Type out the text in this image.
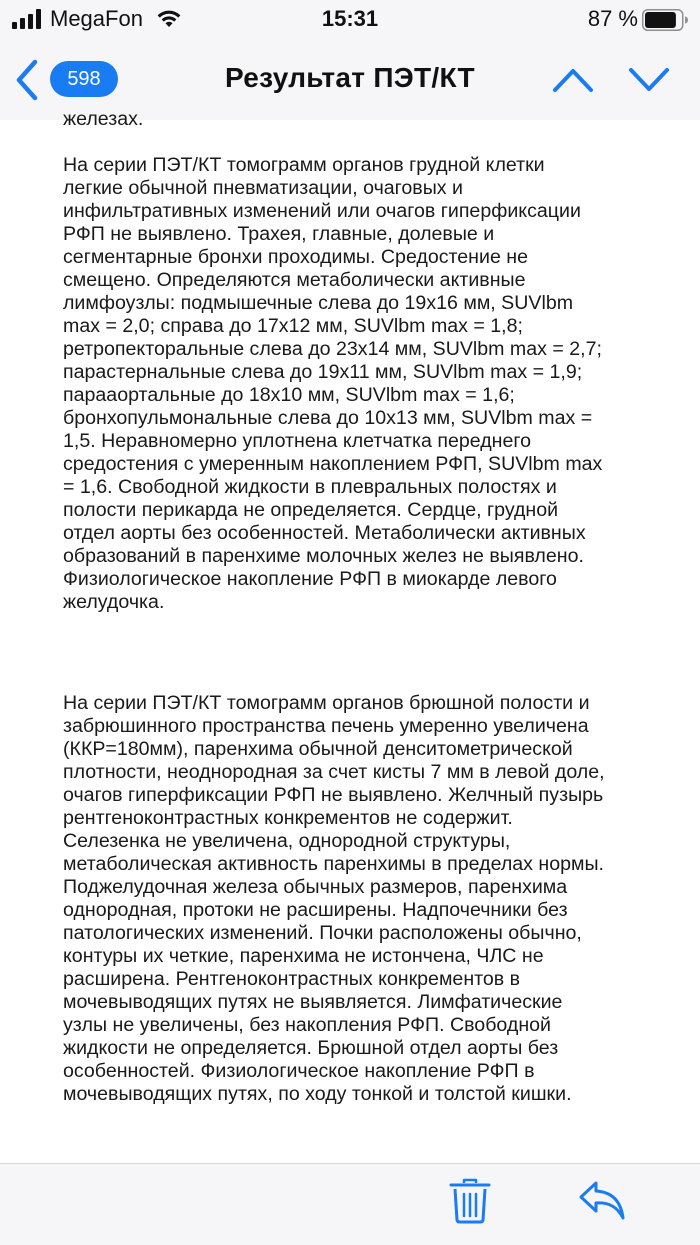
MegaFon	15:31	87 %
598	Результат ПЭТ/КТ
железах.
На серии ПЭТ/КТ томограмм органов грудной клетки
легкие обычной пневматизации, очаговых и
инфильтративных изменений или очагов гиперфиксации
РФП не выявлено. Трахея, главные, долевые и
сегментарные бронхи проходимы. Средостение не
смещено. Определяются метаболически активные
лимфоузлы: подмышечные слева до 19х16 мм, SUVlbm
max = 2,0; справа до 17х12 мм, SUVlbm max = 1,8;
ретропекторальные слева до 23х14 мм, SUVlbm max = 2,7;
парастернальные слева до 19х11 мм, SUVlbm max = 1,9;
парааортальные до 18х10 мм, SUVlbm max = 1,6;
бронхопульмональные слева до 10х13 мм, SUVlbm max =
1,5. Неравномерно уплотнена клетчатка переднего
средостения с умеренным накоплением РФП, SUVlbm max
= 1,6. Свободной жидкости в плевральных полостях и
полости перикарда не определяется. Сердце, грудной
отдел аорты без особенностей. Метаболически активных
образований в паренхиме молочных желез не выявлено.
Физиологическое накопление РФП в миокарде левого
желудочка.
На серии ПЭТ/КТ томограмм органов брюшной полости и
забрюшинного пространства печень умеренно увеличена
(ККР=180мм), паренхима обычной денситометрической
плотности, неоднородная за счет кисты 7 мм в левой доле,
очагов гиперфиксации РФП не выявлено. Желчный пузырь
рентгеноконтрастных конкрементов не содержит.
Селезенка не увеличена, однородной структуры,
метаболическая активность паренхимы в пределах нормы.
Поджелудочная железа обычных размеров, паренхима
однородная, протоки не расширены. Надпочечники без
патологических изменений. Почки расположены обычно,
контуры их четкие, паренхима не истончена, ЧЛС не
расширена. Рентгеноконтрастных конкрементов в
мочевыводящих путях не выявляется. Лимфатические
узлы не увеличены, без накопления РФП. Свободной
жидкости не определяется. Брюшной отдел аорты без
особенностей. Физиологическое накопление РФП в
мочевыводящих путях, по ходу тонкой и толстой кишки.
